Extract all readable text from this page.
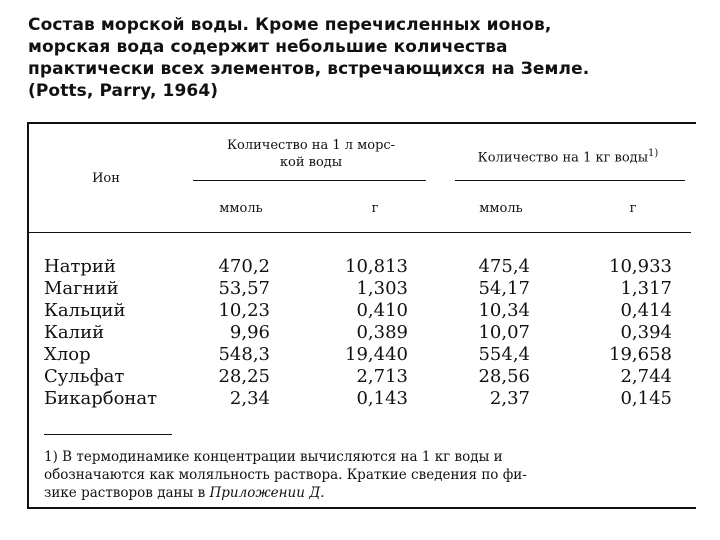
Состав морской воды. Кроме перечисленных ионов,
морская вода содержит небольшие количества
практически всех элементов, встречающихся на Земле.
(Potts, Parry, 1964)
Ион
Количество на 1 л морс-
кой воды	Количество на 1 кг воды$^{1)}$
ммоль	г	ммоль	г
Натрий	470,2	10,813	475,4	10,933
Магний	53,57	1,303	54,17	1,317
Кальций	10,23	0,410	10,34	0,414
Калий	9,96	0,389	10,07	0,394
Хлор	548,3	19,440	554,4	19,658
Сульфат	28,25	2,713	28,56	2,744
Бикарбонат	2,34	0,143	2,37	0,145
1) В термодинамике концентрации вычисляются на 1 кг воды и
обозначаются как моляльность раствора. Краткие сведения по фи-
зике растворов даны в Приложении Д.
